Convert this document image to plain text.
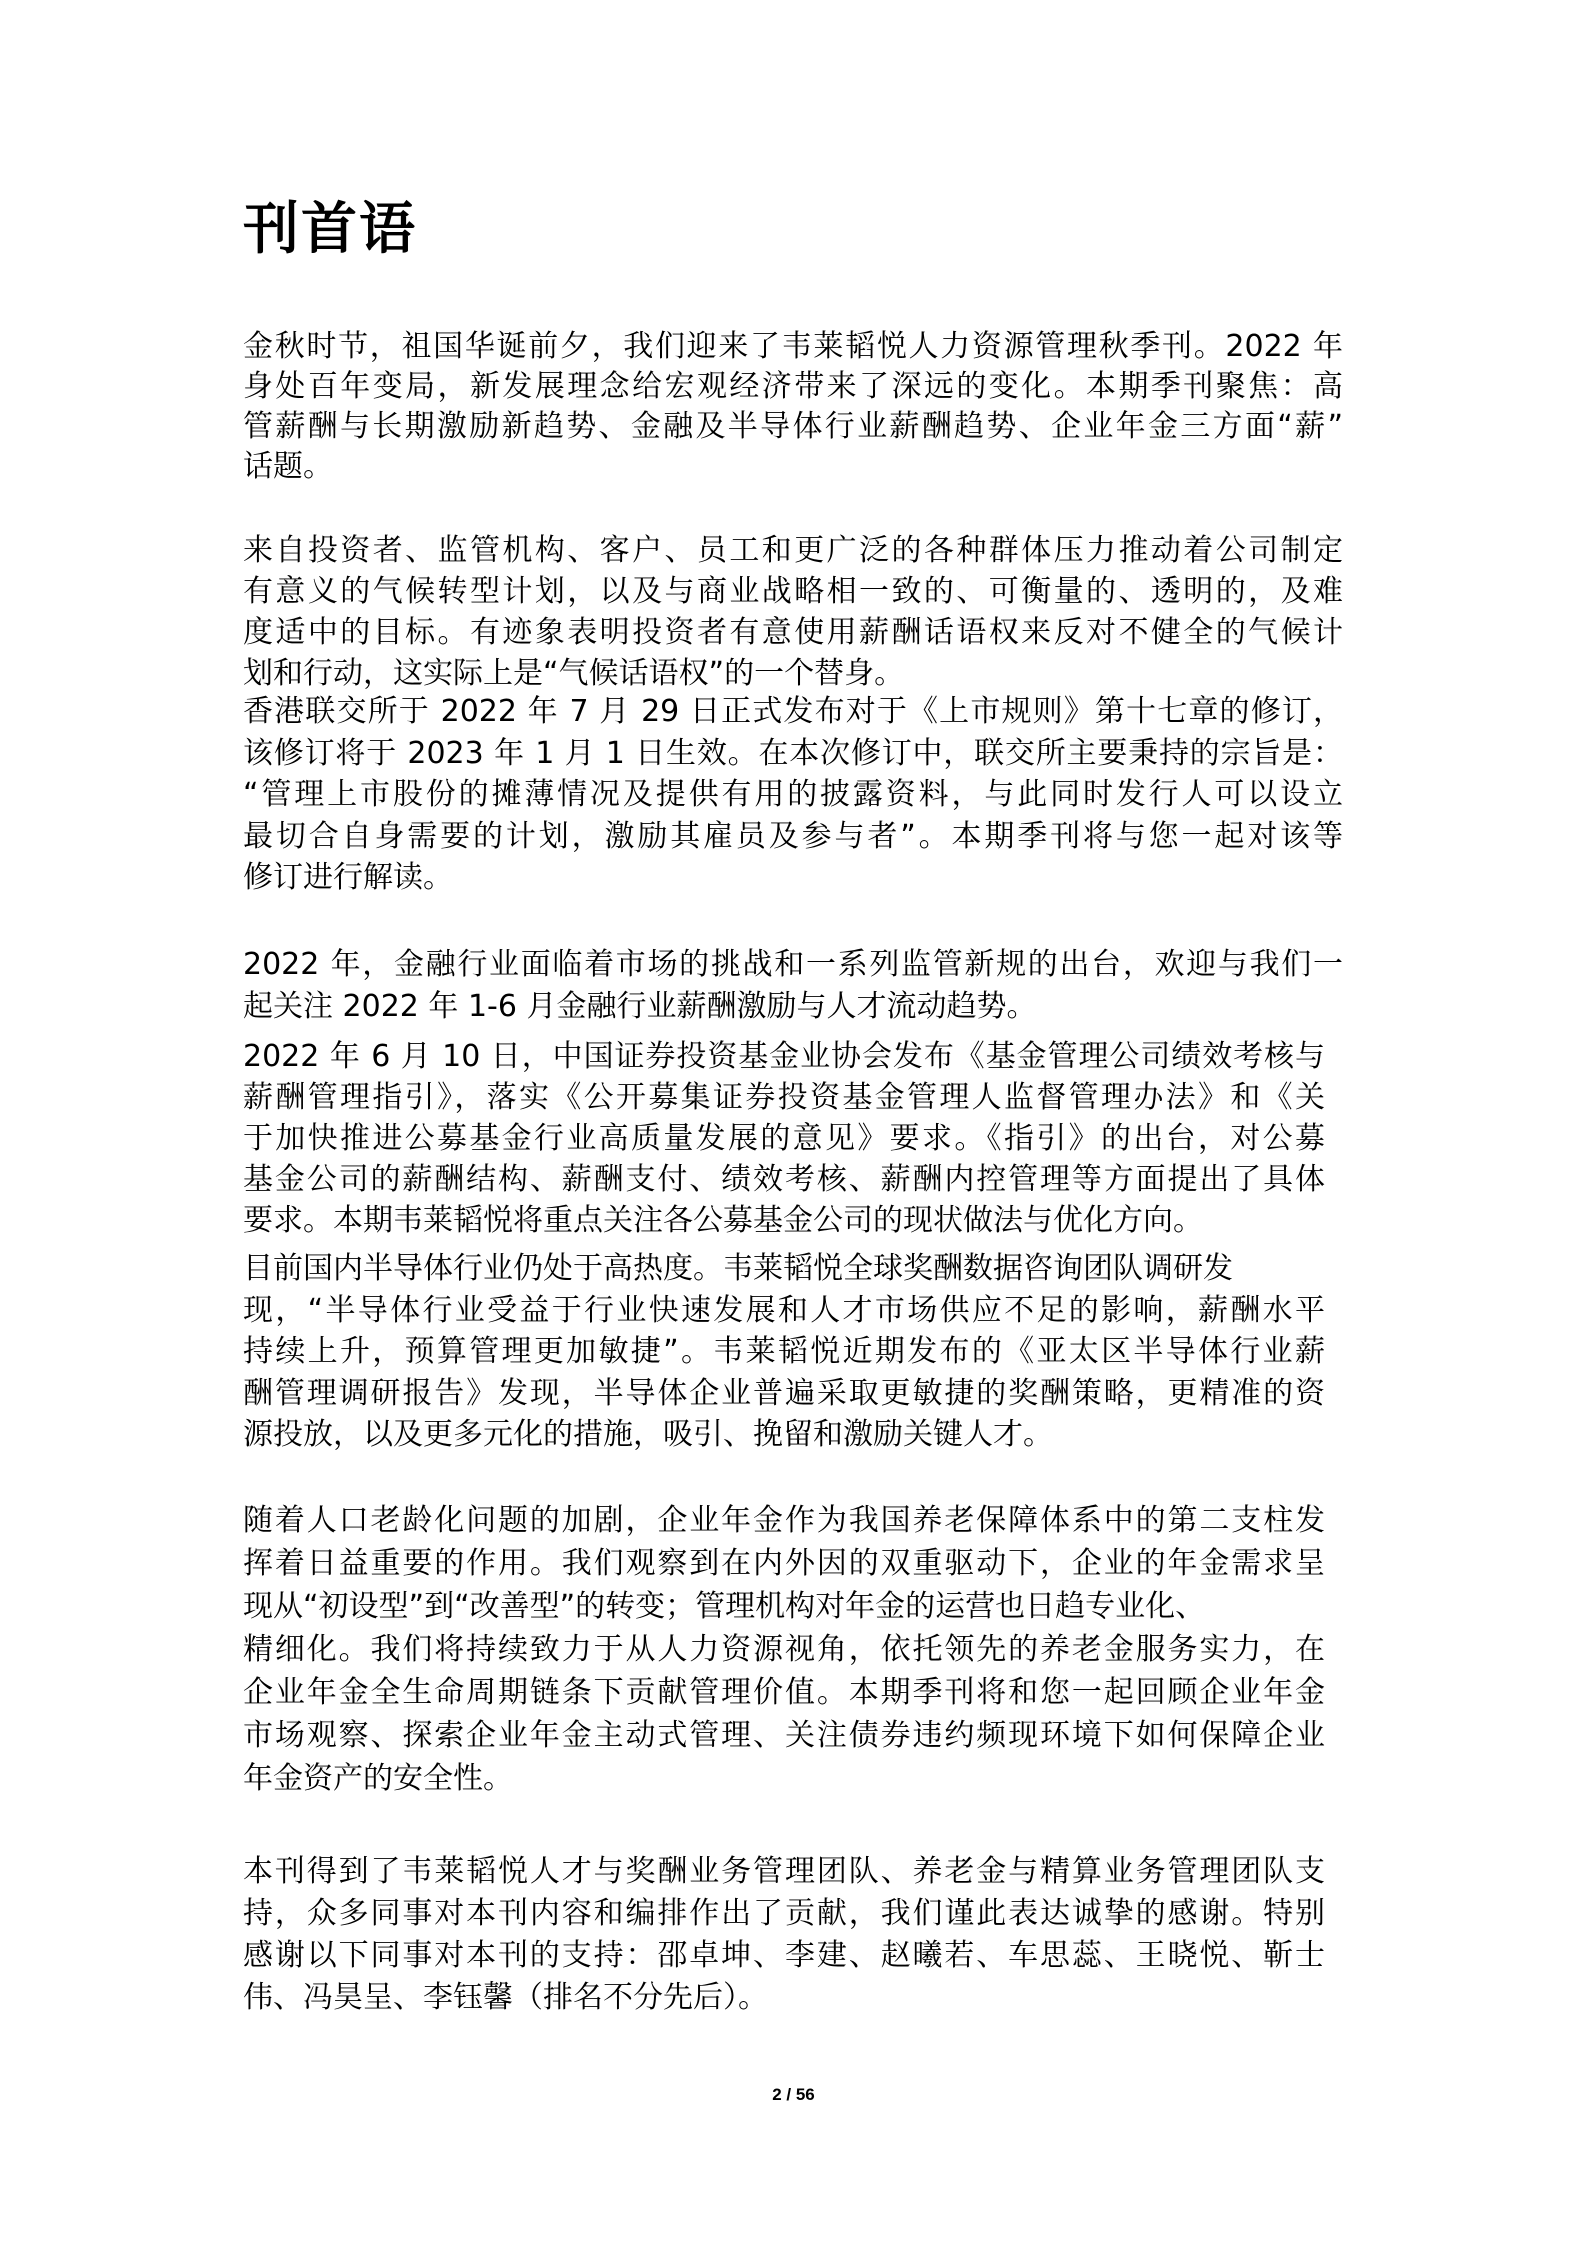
刊首语
金秋时节，祖国华诞前夕，我们迎来了韦莱韬悦人力资源管理秋季刊。2022 年
身处百年变局，新发展理念给宏观经济带来了深远的变化。本期季刊聚焦：高
管薪酬与长期激励新趋势、金融及半导体行业薪酬趋势、企业年金三方面“薪”
话题。
来自投资者、监管机构、客户、员工和更广泛的各种群体压力推动着公司制定
有意义的气候转型计划，以及与商业战略相一致的、可衡量的、透明的，及难
度适中的目标。有迹象表明投资者有意使用薪酬话语权来反对不健全的气候计
划和行动，这实际上是“气候话语权”的一个替身。
香港联交所于 2022 年 7 月 29 日正式发布对于《上市规则》第十七章的修订，
该修订将于 2023 年 1 月 1 日生效。在本次修订中，联交所主要秉持的宗旨是：
“管理上市股份的摊薄情况及提供有用的披露资料，与此同时发行人可以设立
最切合自身需要的计划，激励其雇员及参与者”。本期季刊将与您一起对该等
修订进行解读。
2022 年，金融行业面临着市场的挑战和一系列监管新规的出台，欢迎与我们一
起关注 2022 年 1-6 月金融行业薪酬激励与人才流动趋势。
2022 年 6 月 10 日，中国证券投资基金业协会发布《基金管理公司绩效考核与
薪酬管理指引》，落实《公开募集证券投资基金管理人监督管理办法》和《关
于加快推进公募基金行业高质量发展的意见》要求。《指引》的出台，对公募
基金公司的薪酬结构、薪酬支付、绩效考核、薪酬内控管理等方面提出了具体
要求。本期韦莱韬悦将重点关注各公募基金公司的现状做法与优化方向。
目前国内半导体行业仍处于高热度。韦莱韬悦全球奖酬数据咨询团队调研发
现，“半导体行业受益于行业快速发展和人才市场供应不足的影响，薪酬水平
持续上升，预算管理更加敏捷”。韦莱韬悦近期发布的《亚太区半导体行业薪
酬管理调研报告》发现，半导体企业普遍采取更敏捷的奖酬策略，更精准的资
源投放，以及更多元化的措施，吸引、挽留和激励关键人才。
随着人口老龄化问题的加剧，企业年金作为我国养老保障体系中的第二支柱发
挥着日益重要的作用。我们观察到在内外因的双重驱动下，企业的年金需求呈
现从“初设型”到“改善型”的转变；管理机构对年金的运营也日趋专业化、
精细化。我们将持续致力于从人力资源视角，依托领先的养老金服务实力，在
企业年金全生命周期链条下贡献管理价值。本期季刊将和您一起回顾企业年金
市场观察、探索企业年金主动式管理、关注债券违约频现环境下如何保障企业
年金资产的安全性。
本刊得到了韦莱韬悦人才与奖酬业务管理团队、养老金与精算业务管理团队支
持，众多同事对本刊内容和编排作出了贡献，我们谨此表达诚挚的感谢。特别
感谢以下同事对本刊的支持：邵卓坤、李建、赵曦若、车思蕊、王晓悦、靳士
伟、冯昊呈、李钰馨（排名不分先后）。
2 / 56
